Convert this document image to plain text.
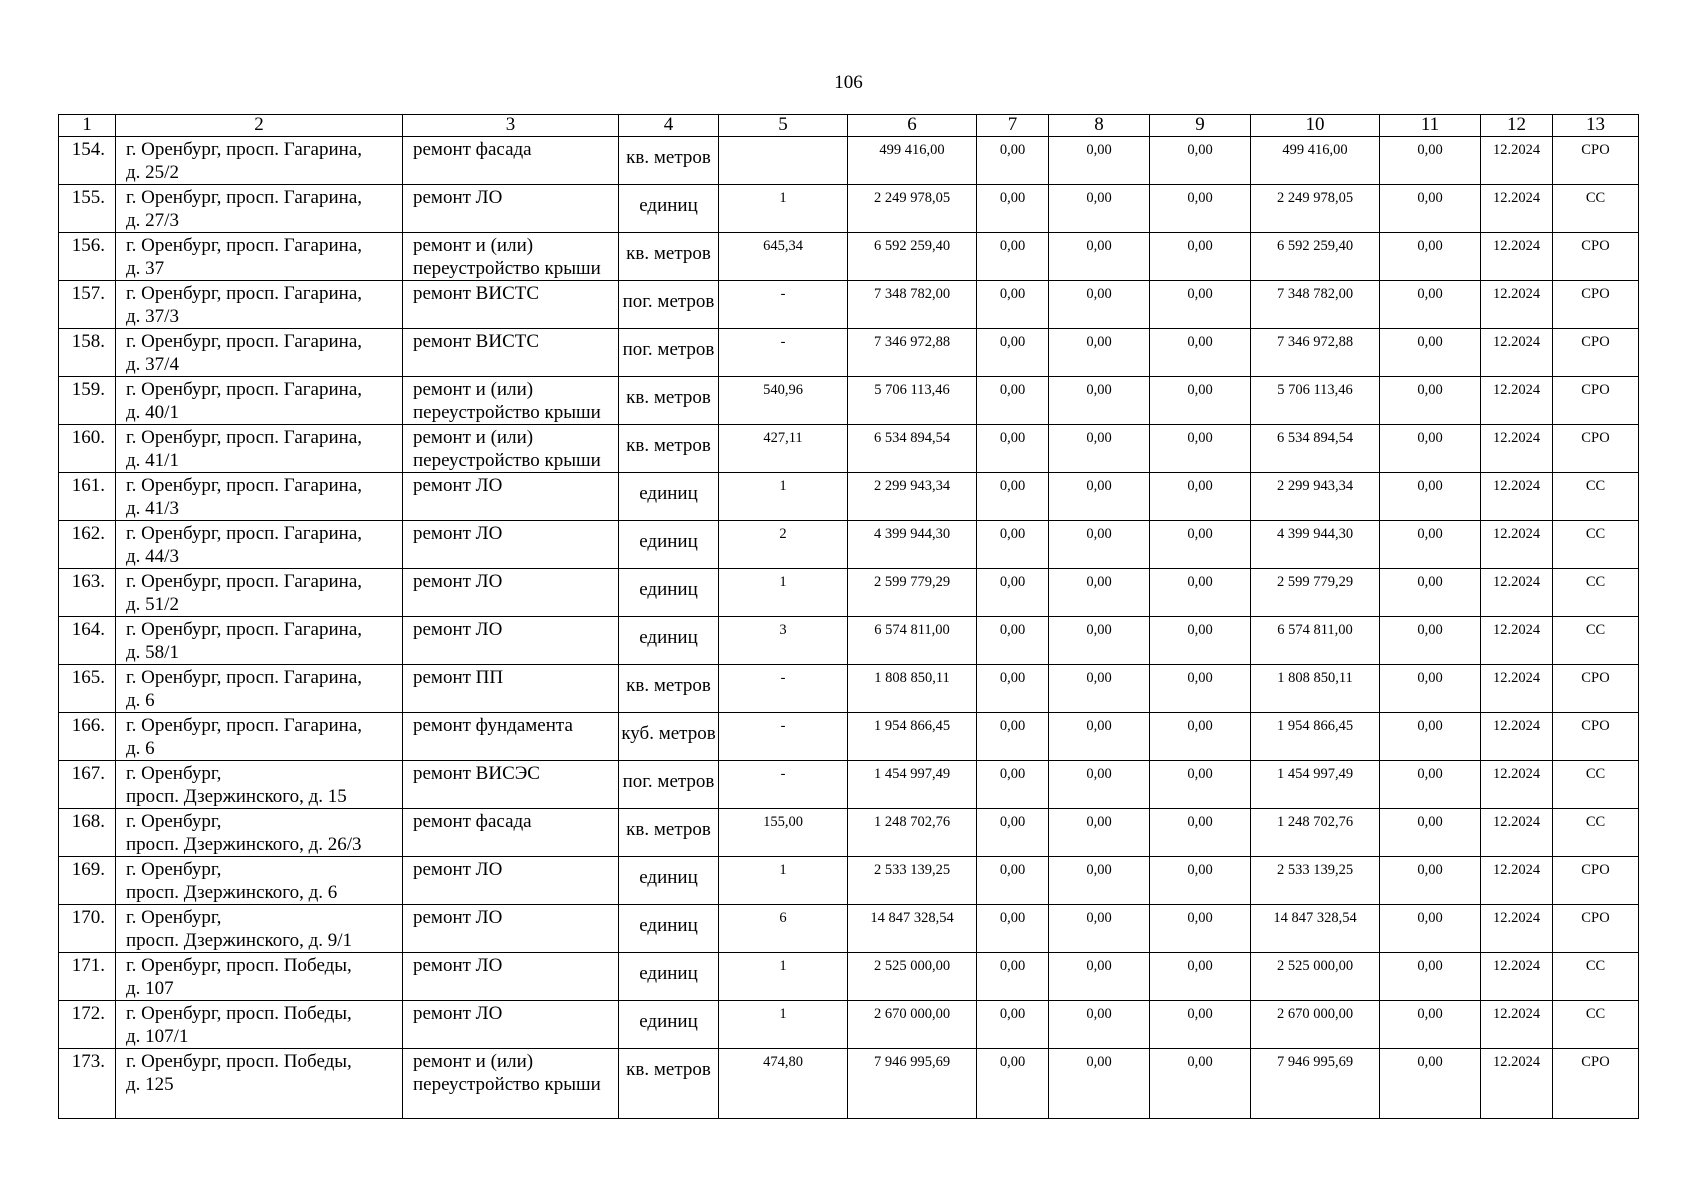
106
1	2	3	4	5	6	7	8	9	10	11	12	13
154.	г. Оренбург, просп. Гагарина,
д. 25/2	ремонт фасада	кв. метров		499 416,00	0,00	0,00	0,00	499 416,00	0,00	12.2024	СРО
155.	г. Оренбург, просп. Гагарина,
д. 27/3	ремонт ЛО	единиц	1	2 249 978,05	0,00	0,00	0,00	2 249 978,05	0,00	12.2024	СС
156.	г. Оренбург, просп. Гагарина,
д. 37	ремонт и (или)
переустройство крыши	кв. метров	645,34	6 592 259,40	0,00	0,00	0,00	6 592 259,40	0,00	12.2024	СРО
157.	г. Оренбург, просп. Гагарина,
д. 37/3	ремонт ВИСТС	пог. метров	-	7 348 782,00	0,00	0,00	0,00	7 348 782,00	0,00	12.2024	СРО
158.	г. Оренбург, просп. Гагарина,
д. 37/4	ремонт ВИСТС	пог. метров	-	7 346 972,88	0,00	0,00	0,00	7 346 972,88	0,00	12.2024	СРО
159.	г. Оренбург, просп. Гагарина,
д. 40/1	ремонт и (или)
переустройство крыши	кв. метров	540,96	5 706 113,46	0,00	0,00	0,00	5 706 113,46	0,00	12.2024	СРО
160.	г. Оренбург, просп. Гагарина,
д. 41/1	ремонт и (или)
переустройство крыши	кв. метров	427,11	6 534 894,54	0,00	0,00	0,00	6 534 894,54	0,00	12.2024	СРО
161.	г. Оренбург, просп. Гагарина,
д. 41/3	ремонт ЛО	единиц	1	2 299 943,34	0,00	0,00	0,00	2 299 943,34	0,00	12.2024	СС
162.	г. Оренбург, просп. Гагарина,
д. 44/3	ремонт ЛО	единиц	2	4 399 944,30	0,00	0,00	0,00	4 399 944,30	0,00	12.2024	СС
163.	г. Оренбург, просп. Гагарина,
д. 51/2	ремонт ЛО	единиц	1	2 599 779,29	0,00	0,00	0,00	2 599 779,29	0,00	12.2024	СС
164.	г. Оренбург, просп. Гагарина,
д. 58/1	ремонт ЛО	единиц	3	6 574 811,00	0,00	0,00	0,00	6 574 811,00	0,00	12.2024	СС
165.	г. Оренбург, просп. Гагарина,
д. 6	ремонт ПП	кв. метров	-	1 808 850,11	0,00	0,00	0,00	1 808 850,11	0,00	12.2024	СРО
166.	г. Оренбург, просп. Гагарина,
д. 6	ремонт фундамента	куб. метров	-	1 954 866,45	0,00	0,00	0,00	1 954 866,45	0,00	12.2024	СРО
167.	г. Оренбург,
просп. Дзержинского, д. 15	ремонт ВИСЭС	пог. метров	-	1 454 997,49	0,00	0,00	0,00	1 454 997,49	0,00	12.2024	СС
168.	г. Оренбург,
просп. Дзержинского, д. 26/3	ремонт фасада	кв. метров	155,00	1 248 702,76	0,00	0,00	0,00	1 248 702,76	0,00	12.2024	СС
169.	г. Оренбург,
просп. Дзержинского, д. 6	ремонт ЛО	единиц	1	2 533 139,25	0,00	0,00	0,00	2 533 139,25	0,00	12.2024	СРО
170.	г. Оренбург,
просп. Дзержинского, д. 9/1	ремонт ЛО	единиц	6	14 847 328,54	0,00	0,00	0,00	14 847 328,54	0,00	12.2024	СРО
171.	г. Оренбург, просп. Победы,
д. 107	ремонт ЛО	единиц	1	2 525 000,00	0,00	0,00	0,00	2 525 000,00	0,00	12.2024	СС
172.	г. Оренбург, просп. Победы,
д. 107/1	ремонт ЛО	единиц	1	2 670 000,00	0,00	0,00	0,00	2 670 000,00	0,00	12.2024	СС
173.	г. Оренбург, просп. Победы,
д. 125	ремонт и (или)
переустройство крыши	кв. метров	474,80	7 946 995,69	0,00	0,00	0,00	7 946 995,69	0,00	12.2024	СРО
